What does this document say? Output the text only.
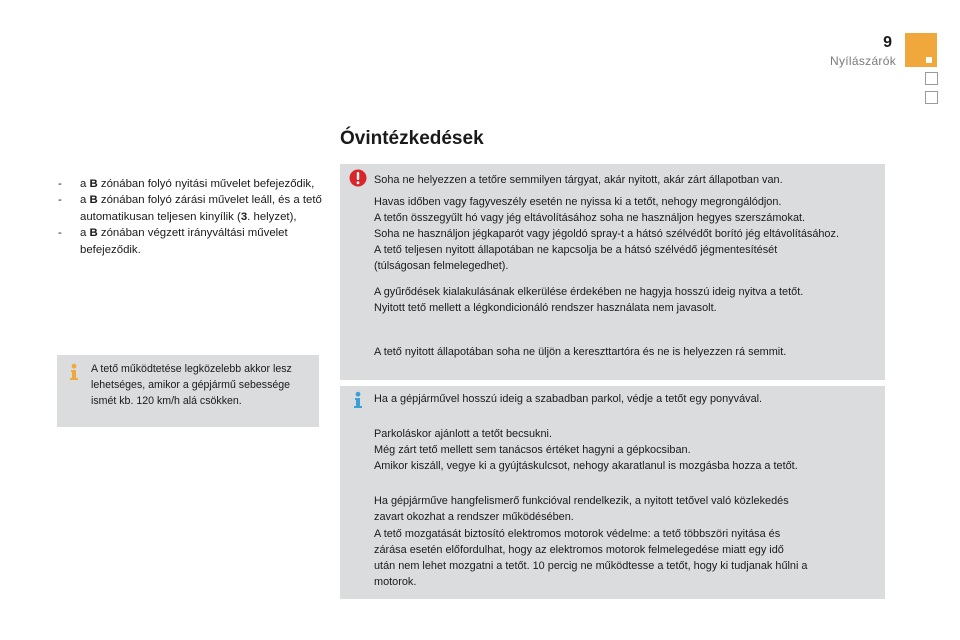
9
Nyílászárók
-	a B zónában folyó nyitási művelet befejeződik,
-	a B zónában folyó zárási művelet leáll, és a tető automatikusan teljesen kinyílik (3. helyzet),
-	a B zónában végzett irányváltási művelet befejeződik.
A tető működtetése legközelebb akkor lesz lehetséges, amikor a gépjármű sebessége ismét kb. 120 km/h alá csökken.
Óvintézkedések

Soha ne helyezzen a tetőre semmilyen tárgyat, akár nyitott, akár zárt állapotban van.

Havas időben vagy fagyveszély esetén ne nyissa ki a tetőt, nehogy megrongálódjon.

A tetőn összegyűlt hó vagy jég eltávolításához soha ne használjon hegyes szerszámokat.

Soha ne használjon jégkaparót vagy jégoldó spray-t a hátsó szélvédőt borító jég eltávolításához.

A tető teljesen nyitott állapotában ne kapcsolja be a hátsó szélvédő jégmentesítését

(túlságosan felmelegedhet).

A gyűrődések kialakulásának elkerülése érdekében ne hagyja hosszú ideig nyitva a tetőt.

Nyitott tető mellett a légkondicionáló rendszer használata nem javasolt.

A tető nyitott állapotában soha ne üljön a kereszttartóra és ne is helyezzen rá semmit.

Ha a gépjárművel hosszú ideig a szabadban parkol, védje a tetőt egy ponyvával.

Parkoláskor ajánlott a tetőt becsukni.

Még zárt tető mellett sem tanácsos értéket hagyni a gépkocsiban.

Amikor kiszáll, vegye ki a gyújtáskulcsot, nehogy akaratlanul is mozgásba hozza a tetőt.

Ha gépjárműve hangfelismerő funkcióval rendelkezik, a nyitott tetővel való közlekedés

zavart okozhat a rendszer működésében.

A tető mozgatását biztosító elektromos motorok védelme: a tető többszöri nyitása és

zárása esetén előfordulhat, hogy az elektromos motorok felmelegedése miatt egy idő

után nem lehet mozgatni a tetőt. 10 percig ne működtesse a tetőt, hogy ki tudjanak hűlni a

motorok.
